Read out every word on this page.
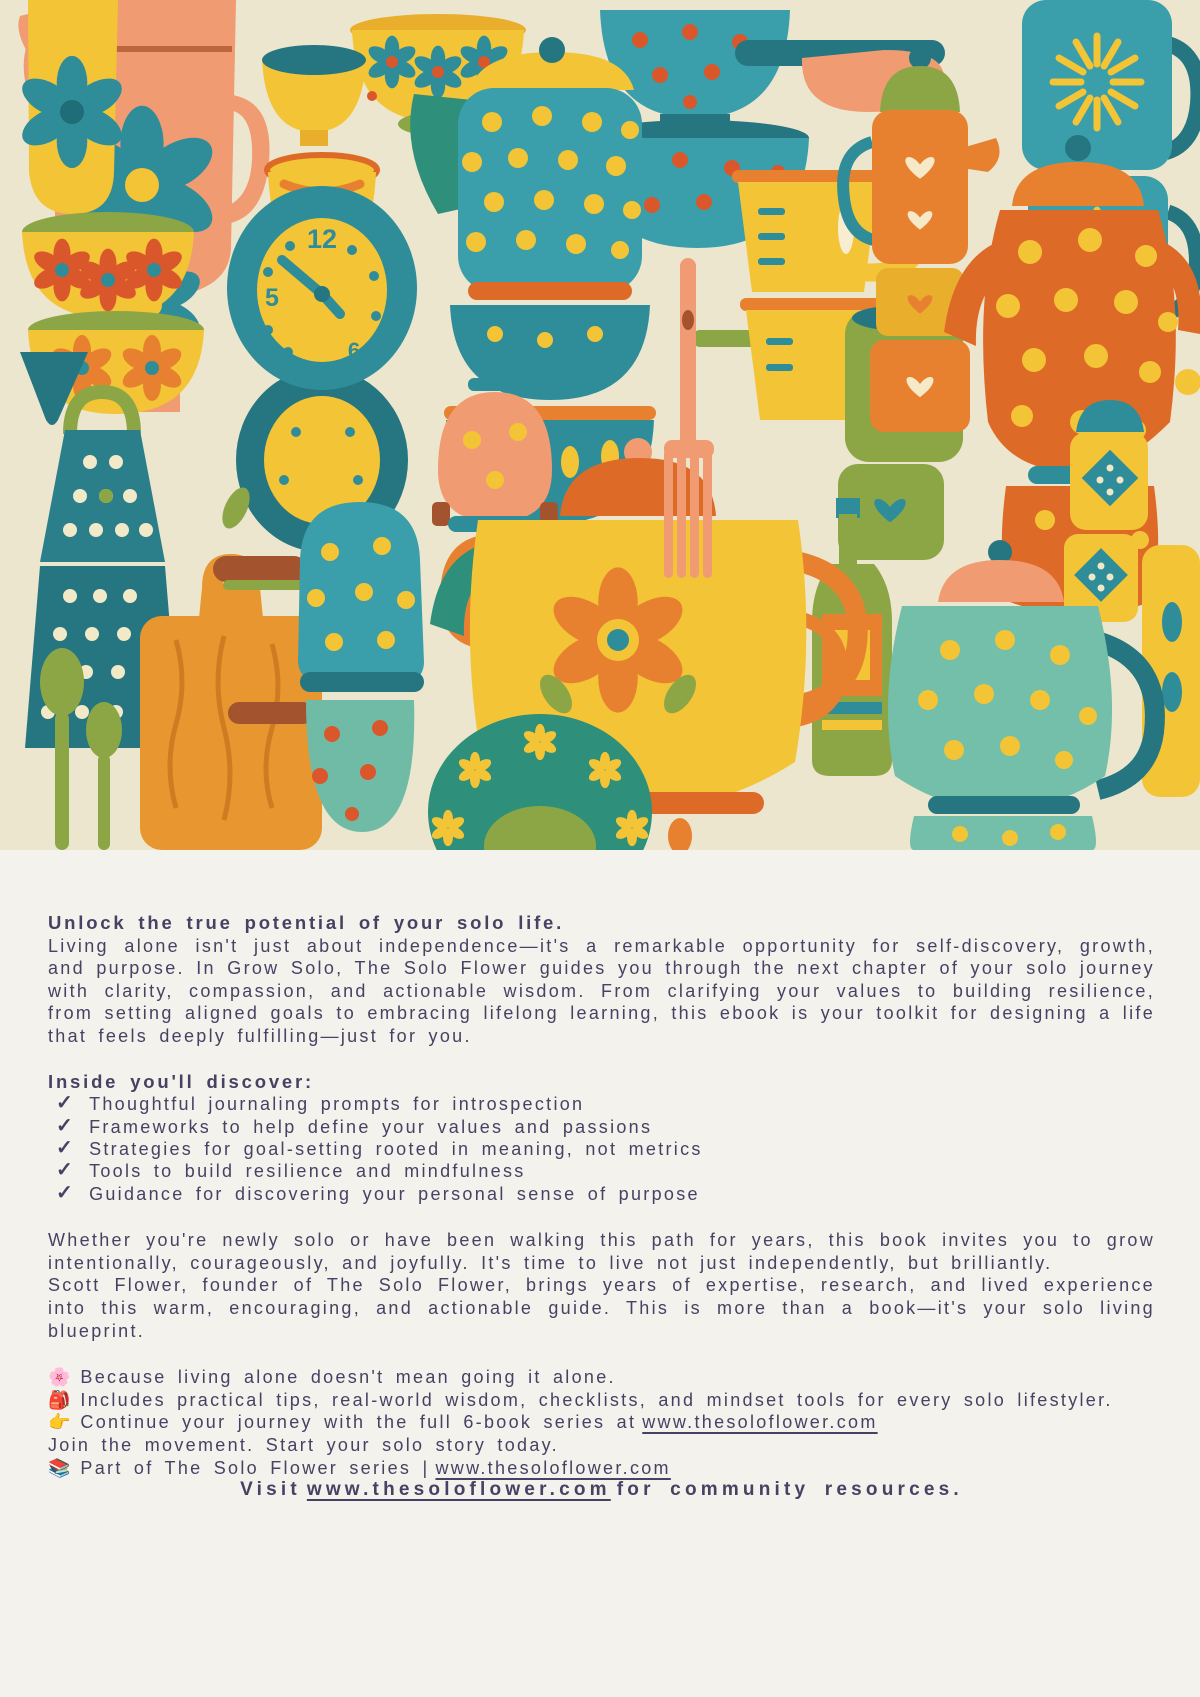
12
5
6
Unlock the true potential of your solo life.

Living alone isn't just about independence—it's a remarkable opportunity for self-discovery, growth, and purpose. In Grow Solo, The Solo Flower guides you through the next chapter of your solo journey with clarity, compassion, and actionable wisdom. From clarifying your values to building resilience, from setting aligned goals to embracing lifelong learning, this ebook is your toolkit for designing a life that feels deeply fulfilling—just for you.

Inside you'll discover:
✓ Thoughtful journaling prompts for introspection
✓ Frameworks to help define your values and passions
✓ Strategies for goal-setting rooted in meaning, not metrics
✓ Tools to build resilience and mindfulness
✓ Guidance for discovering your personal sense of purpose

Whether you're newly solo or have been walking this path for years, this book invites you to grow intentionally, courageously, and joyfully. It's time to live not just independently, but brilliantly.

Scott Flower, founder of The Solo Flower, brings years of expertise, research, and lived experience into this warm, encouraging, and actionable guide. This is more than a book—it's your solo living blueprint.

🌸 Because living alone doesn't mean going it alone.
🎒 Includes practical tips, real-world wisdom, checklists, and mindset tools for every solo lifestyler.
👉 Continue your journey with the full 6-book series at www.thesoloflower.com
Join the movement. Start your solo story today.
📚 Part of The Solo Flower series | www.thesoloflower.com

Visit www.thesoloflower.com for community resources.
